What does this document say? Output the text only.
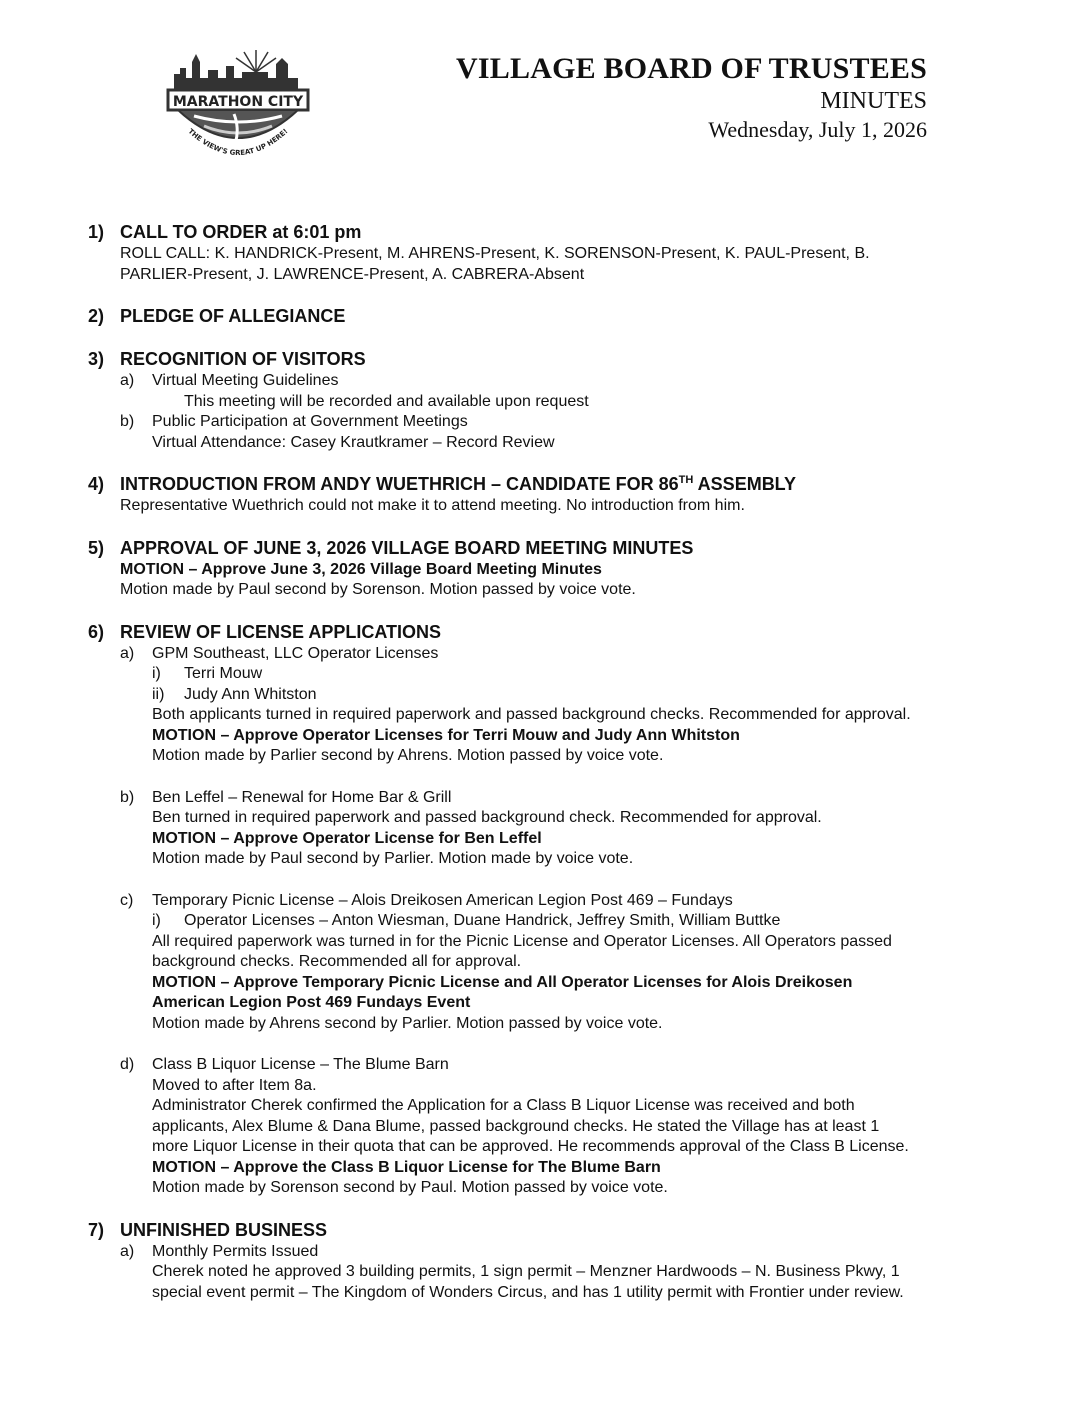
MARATHON CITY
THE VIEW'S GREAT UP HERE!
VILLAGE BOARD OF TRUSTEES
MINUTES
Wednesday, July 1, 2026
1) CALL TO ORDER at 6:01 pm
ROLL CALL: K. HANDRICK-Present, M. AHRENS-Present, K. SORENSON-Present, K. PAUL-Present, B.
PARLIER-Present, J. LAWRENCE-Present, A. CABRERA-Absent
2) PLEDGE OF ALLEGIANCE
3) RECOGNITION OF VISITORS
a) Virtual Meeting Guidelines
This meeting will be recorded and available upon request
b) Public Participation at Government Meetings
Virtual Attendance: Casey Krautkramer – Record Review
4) INTRODUCTION FROM ANDY WUETHRICH – CANDIDATE FOR 86TH ASSEMBLY
Representative Wuethrich could not make it to attend meeting. No introduction from him.
5) APPROVAL OF JUNE 3, 2026 VILLAGE BOARD MEETING MINUTES
MOTION – Approve June 3, 2026 Village Board Meeting Minutes
Motion made by Paul second by Sorenson. Motion passed by voice vote.
6) REVIEW OF LICENSE APPLICATIONS
a) GPM Southeast, LLC Operator Licenses
i) Terri Mouw
ii) Judy Ann Whitston
Both applicants turned in required paperwork and passed background checks. Recommended for approval.
MOTION – Approve Operator Licenses for Terri Mouw and Judy Ann Whitston
Motion made by Parlier second by Ahrens. Motion passed by voice vote.
b) Ben Leffel – Renewal for Home Bar & Grill
Ben turned in required paperwork and passed background check. Recommended for approval.
MOTION – Approve Operator License for Ben Leffel
Motion made by Paul second by Parlier. Motion made by voice vote.
c) Temporary Picnic License – Alois Dreikosen American Legion Post 469 – Fundays
i) Operator Licenses – Anton Wiesman, Duane Handrick, Jeffrey Smith, William Buttke
All required paperwork was turned in for the Picnic License and Operator Licenses. All Operators passed
background checks. Recommended all for approval.
MOTION – Approve Temporary Picnic License and All Operator Licenses for Alois Dreikosen
American Legion Post 469 Fundays Event
Motion made by Ahrens second by Parlier. Motion passed by voice vote.
d) Class B Liquor License – The Blume Barn
Moved to after Item 8a.
Administrator Cherek confirmed the Application for a Class B Liquor License was received and both
applicants, Alex Blume & Dana Blume, passed background checks. He stated the Village has at least 1
more Liquor License in their quota that can be approved. He recommends approval of the Class B License.
MOTION – Approve the Class B Liquor License for The Blume Barn
Motion made by Sorenson second by Paul. Motion passed by voice vote.
7) UNFINISHED BUSINESS
a) Monthly Permits Issued
Cherek noted he approved 3 building permits, 1 sign permit – Menzner Hardwoods – N. Business Pkwy, 1
special event permit – The Kingdom of Wonders Circus, and has 1 utility permit with Frontier under review.
